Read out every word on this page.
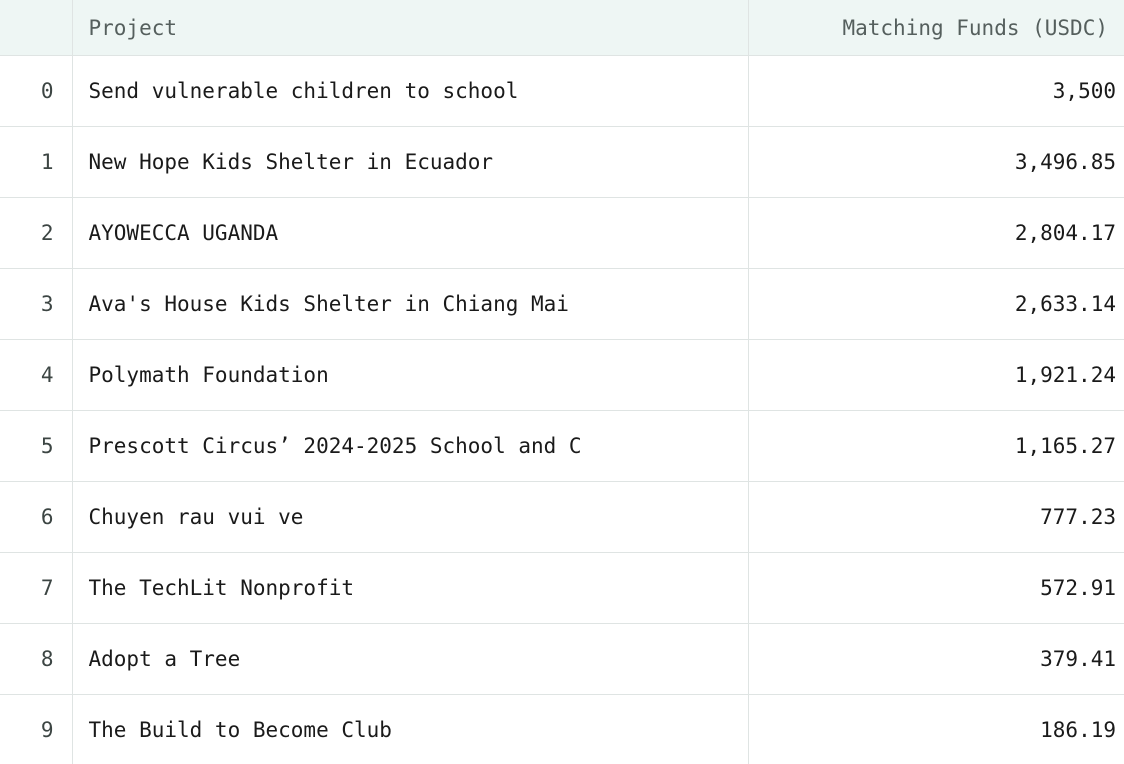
	Project	Matching Funds (USDC)
0	Send vulnerable children to school	3,500
1	New Hope Kids Shelter in Ecuador	3,496.85
2	AYOWECCA UGANDA	2,804.17
3	Ava's House Kids Shelter in Chiang Mai	2,633.14
4	Polymath Foundation	1,921.24
5	Prescott Circus’ 2024-2025 School and C	1,165.27
6	Chuyen rau vui ve	777.23
7	The TechLit Nonprofit	572.91
8	Adopt a Tree	379.41
9	The Build to Become Club	186.19
